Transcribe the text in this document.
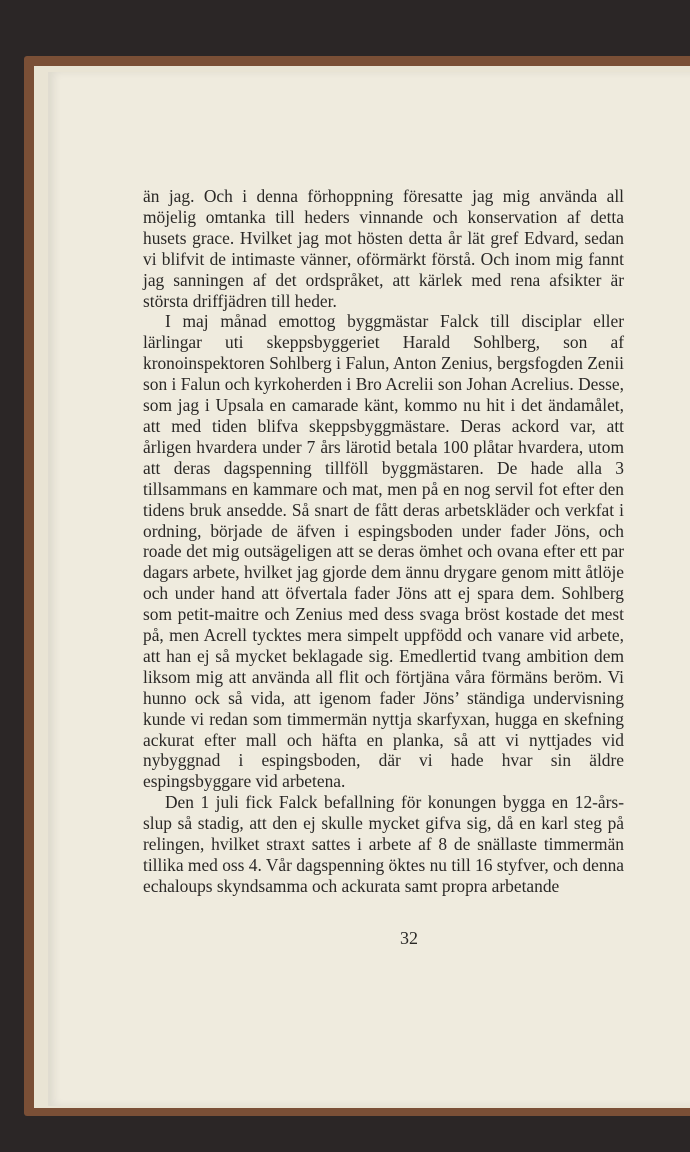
än jag. Och i denna förhoppning föresatte jag mig använda all möjelig omtanka till heders vinnande och konservation af detta husets grace. Hvilket jag mot hösten detta år lät gref Edvard, sedan vi blifvit de intimaste vänner, oförmärkt förstå. Och inom mig fannt jag sanningen af det ordspråket, att kärlek med rena afsikter är största driffjädren till heder.

I maj månad emottog byggmästar Falck till disciplar eller lärlingar uti skeppsbyggeriet Harald Sohlberg, son af kronoinspektoren Sohlberg i Falun, Anton Zenius, bergsfogden Zenii son i Falun och kyrkoherden i Bro Acrelii son Johan Acrelius. Desse, som jag i Upsala en camarade känt, kommo nu hit i det ändamålet, att med tiden blifva skeppsbyggmästare. Deras ackord var, att årligen hvardera under 7 års lärotid betala 100 plåtar hvardera, utom att deras dagspenning tillföll byggmästaren. De hade alla 3 tillsammans en kammare och mat, men på en nog servil fot efter den tidens bruk ansedde. Så snart de fått deras arbetskläder och verkfat i ordning, började de äfven i espingsboden under fader Jöns, och roade det mig outsägeligen att se deras ömhet och ovana efter ett par dagars arbete, hvilket jag gjorde dem ännu drygare genom mitt åtlöje och under hand att öfvertala fader Jöns att ej spara dem. Sohlberg som petit-maitre och Zenius med dess svaga bröst kostade det mest på, men Acrell tycktes mera simpelt uppfödd och vanare vid arbete, att han ej så mycket beklagade sig. Emedlertid tvang ambition dem liksom mig att använda all flit och förtjäna våra förmäns beröm. Vi hunno ock så vida, att igenom fader Jöns’ ständiga undervisning kunde vi redan som timmermän nyttja skarfyxan, hugga en skefning ackurat efter mall och häfta en planka, så att vi nyttjades vid nybyggnad i espingsboden, där vi hade hvar sin äldre espingsbyggare vid arbetena.

Den 1 juli fick Falck befallning för konungen bygga en 12-års-slup så stadig, att den ej skulle mycket gifva sig, då en karl steg på relingen, hvilket straxt sattes i arbete af 8 de snällaste timmermän tillika med oss 4. Vår dagspenning öktes nu till 16 styfver, och denna echaloups skyndsamma och ackurata samt propra arbetande

32
